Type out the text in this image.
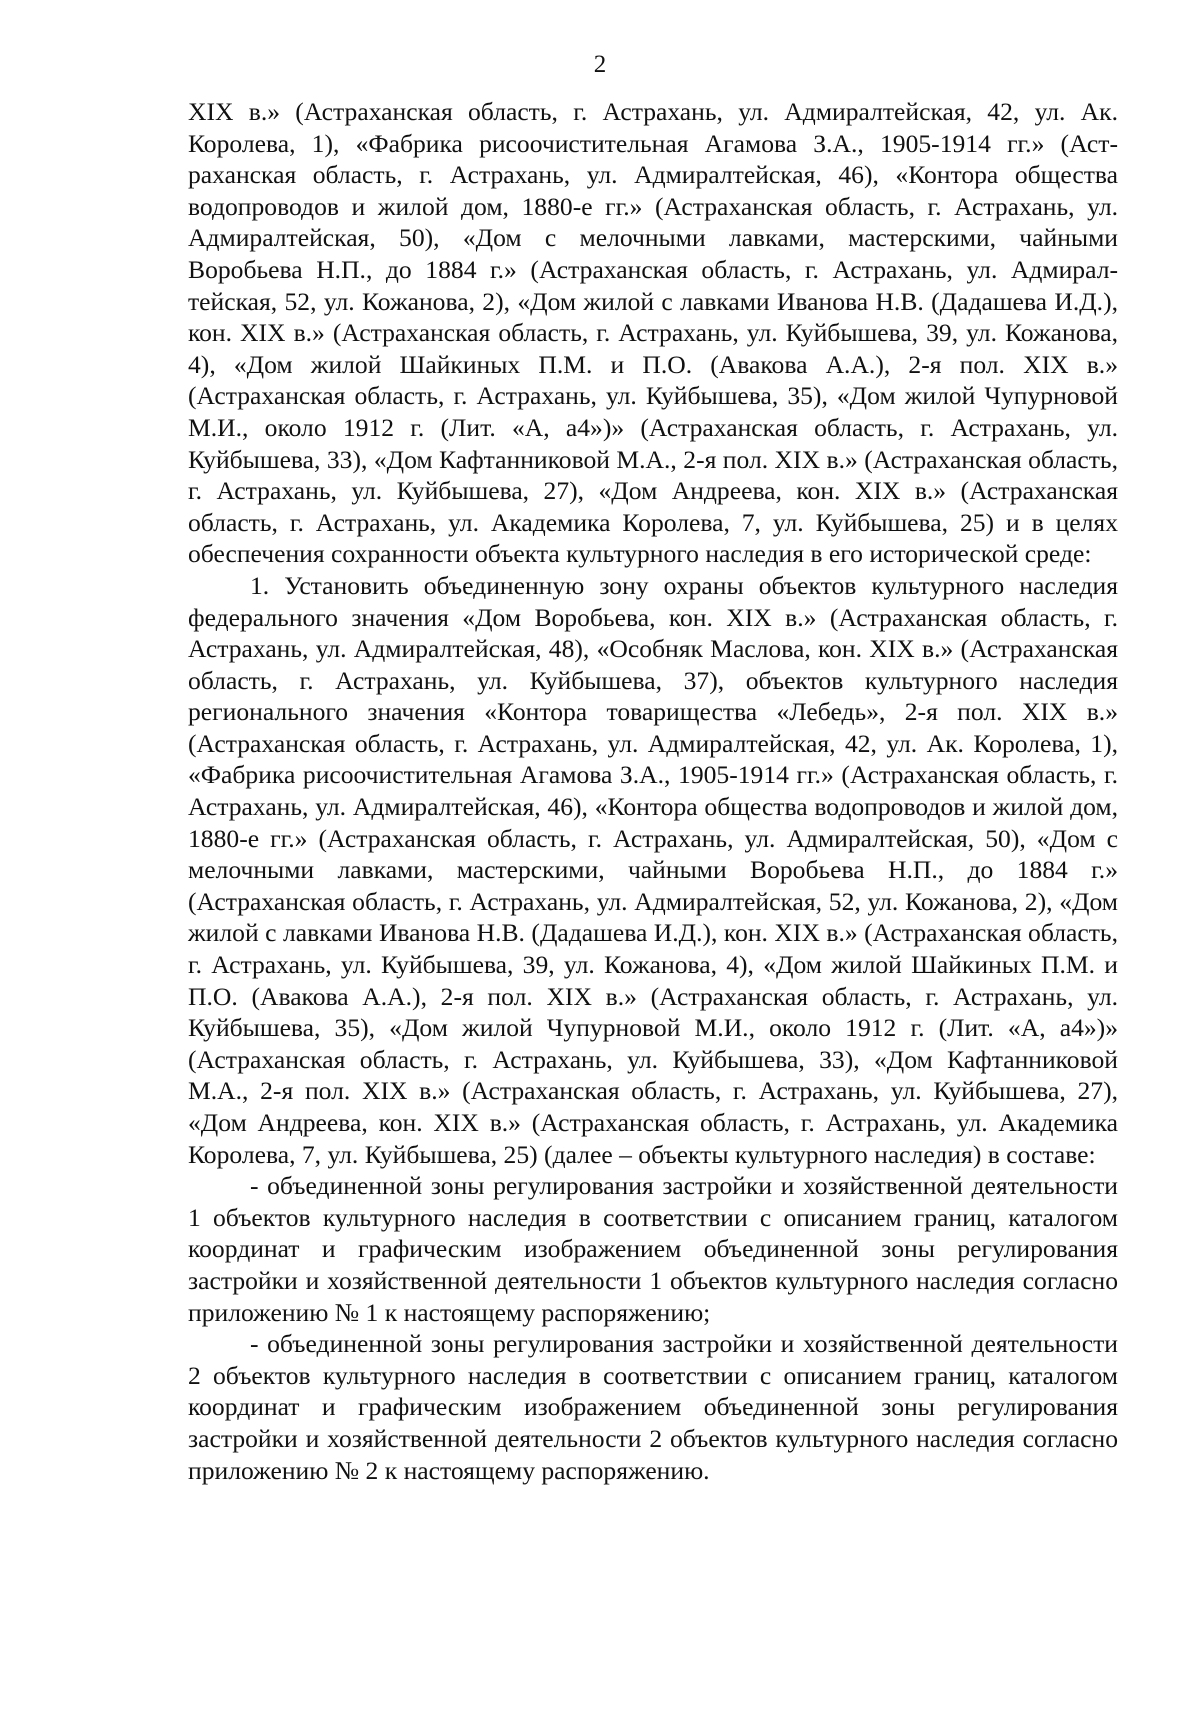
2

XIX в.» (Астраханская область, г. Астрахань, ул. Адмиралтейская, 42, ул. Ак. Королева, 1), «Фабрика рисоочистительная Агамова З.А., 1905-1914 гг.» (Астраханская область, г. Астрахань, ул. Адмиралтейская, 46), «Контора общества водопроводов и жилой дом, 1880-е гг.» (Астраханская область, г. Астрахань, ул. Адмиралтейская, 50), «Дом с мелочными лавками, мастерскими, чайными Воробьева Н.П., до 1884 г.» (Астраханская область, г. Астрахань, ул. Адмиралтейская, 52, ул. Кожанова, 2), «Дом жилой с лавками Иванова Н.В. (Дадашева И.Д.), кон. XIX в.» (Астраханская область, г. Астрахань, ул. Куйбышева, 39, ул. Кожанова, 4), «Дом жилой Шайкиных П.М. и П.О. (Авакова А.А.), 2-я пол. XIX в.» (Астраханская область, г. Астрахань, ул. Куйбышева, 35), «Дом жилой Чупурновой М.И., около 1912 г. (Лит. «А, а4»)» (Астраханская область, г. Астрахань, ул. Куйбышева, 33), «Дом Кафтанниковой М.А., 2-я пол. XIX в.» (Астраханская область, г. Астрахань, ул. Куйбышева, 27), «Дом Андреева, кон. XIX в.» (Астраханская область, г. Астрахань, ул. Академика Королева, 7, ул. Куйбышева, 25) и в целях обеспечения сохранности объекта культурного наследия в его исторической среде:

1. Установить объединенную зону охраны объектов культурного наследия федерального значения «Дом Воробьева, кон. XIX в.» (Астраханская область, г. Астрахань, ул. Адмиралтейская, 48), «Особняк Маслова, кон. XIX в.» (Астраханская область, г. Астрахань, ул. Куйбышева, 37), объектов культурного наследия регионального значения «Контора товарищества «Лебедь», 2-я пол. XIX в.» (Астраханская область, г. Астрахань, ул. Адмиралтейская, 42, ул. Ак. Королева, 1), «Фабрика рисоочистительная Агамова З.А., 1905-1914 гг.» (Астраханская область, г. Астрахань, ул. Адмиралтейская, 46), «Контора общества водопроводов и жилой дом, 1880-е гг.» (Астраханская область, г. Астрахань, ул. Адмиралтейская, 50), «Дом с мелочными лавками, мастерскими, чайными Воробьева Н.П., до 1884 г.» (Астраханская область, г. Астрахань, ул. Адмиралтейская, 52, ул. Кожанова, 2), «Дом жилой с лавками Иванова Н.В. (Дадашева И.Д.), кон. XIX в.» (Астраханская область, г. Астрахань, ул. Куйбышева, 39, ул. Кожанова, 4), «Дом жилой Шайкиных П.М. и П.О. (Авакова А.А.), 2-я пол. XIX в.» (Астраханская область, г. Астрахань, ул. Куйбышева, 35), «Дом жилой Чупурновой М.И., около 1912 г. (Лит. «А, а4»)» (Астраханская область, г. Астрахань, ул. Куйбышева, 33), «Дом Кафтанниковой М.А., 2-я пол. XIX в.» (Астраханская область, г. Астрахань, ул. Куйбышева, 27), «Дом Андреева, кон. XIX в.» (Астраханская область, г. Астрахань, ул. Академика Королева, 7, ул. Куйбышева, 25) (далее – объекты культурного наследия) в составе:

- объединенной зоны регулирования застройки и хозяйственной деятельности 1 объектов культурного наследия в соответствии с описанием границ, каталогом координат и графическим изображением объединенной зоны регулирования застройки и хозяйственной деятельности 1 объектов культурного наследия согласно приложению № 1 к настоящему распоряжению;

- объединенной зоны регулирования застройки и хозяйственной деятельности 2 объектов культурного наследия в соответствии с описанием границ, каталогом координат и графическим изображением объединенной зоны регулирования застройки и хозяйственной деятельности 2 объектов культурного наследия согласно приложению № 2 к настоящему распоряжению.
